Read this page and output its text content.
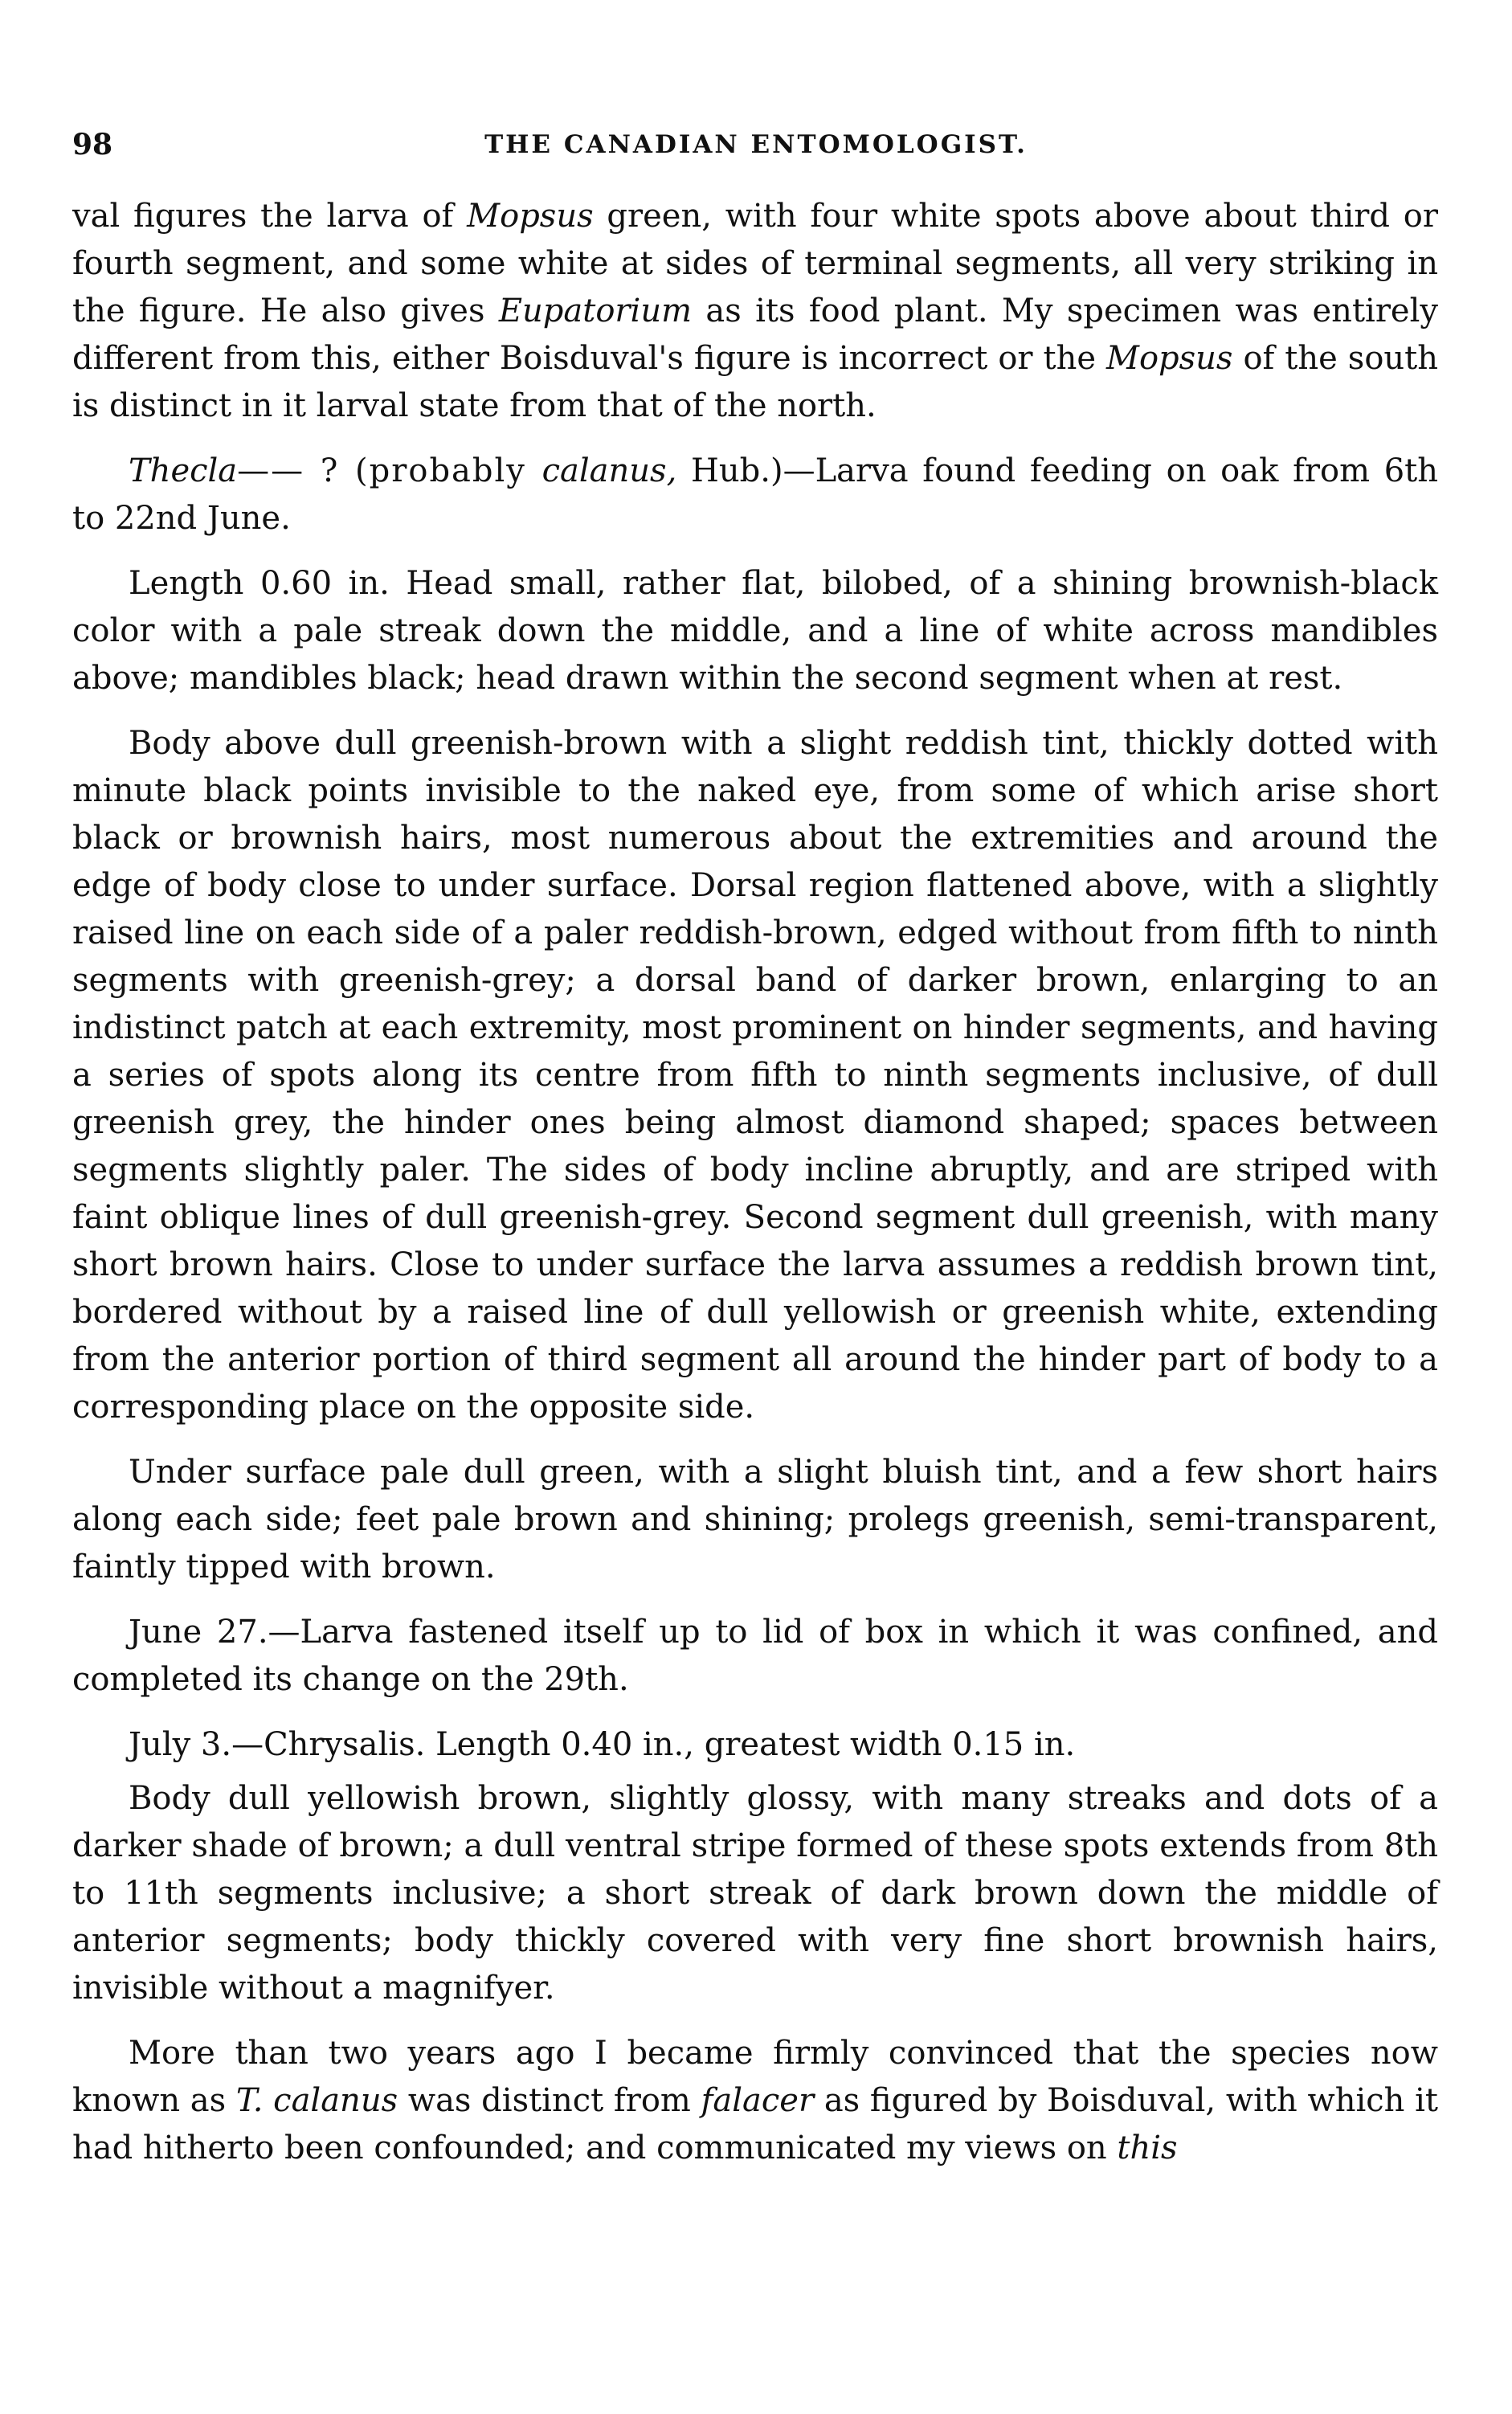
98	THE CANADIAN ENTOMOLOGIST.

val figures the larva of Mopsus green, with four white spots above about third or fourth segment, and some white at sides of terminal segments, all very striking in the figure. He also gives Eupatorium as its food plant. My specimen was entirely different from this, either Boisduval's figure is incorrect or the Mopsus of the south is distinct in it larval state from that of the north.

Thecla—— ? (probably calanus, Hub.)—Larva found feeding on oak from 6th to 22nd June.

Length 0.60 in. Head small, rather flat, bilobed, of a shining brownish-black color with a pale streak down the middle, and a line of white across mandibles above; mandibles black; head drawn within the second segment when at rest.

Body above dull greenish-brown with a slight reddish tint, thickly dotted with minute black points invisible to the naked eye, from some of which arise short black or brownish hairs, most numerous about the extremities and around the edge of body close to under surface. Dorsal region flattened above, with a slightly raised line on each side of a paler reddish-brown, edged without from fifth to ninth segments with greenish-grey; a dorsal band of darker brown, enlarging to an indistinct patch at each extremity, most prominent on hinder segments, and having a series of spots along its centre from fifth to ninth segments inclusive, of dull greenish grey, the hinder ones being almost diamond shaped; spaces between segments slightly paler. The sides of body incline abruptly, and are striped with faint oblique lines of dull greenish-grey. Second segment dull greenish, with many short brown hairs. Close to under surface the larva assumes a reddish brown tint, bordered without by a raised line of dull yellowish or greenish white, extending from the anterior portion of third segment all around the hinder part of body to a corresponding place on the opposite side.

Under surface pale dull green, with a slight bluish tint, and a few short hairs along each side; feet pale brown and shining; prolegs greenish, semi-transparent, faintly tipped with brown.

June 27.—Larva fastened itself up to lid of box in which it was confined, and completed its change on the 29th.

July 3.—Chrysalis. Length 0.40 in., greatest width 0.15 in.

Body dull yellowish brown, slightly glossy, with many streaks and dots of a darker shade of brown; a dull ventral stripe formed of these spots extends from 8th to 11th segments inclusive; a short streak of dark brown down the middle of anterior segments; body thickly covered with very fine short brownish hairs, invisible without a magnifyer.

More than two years ago I became firmly convinced that the species now known as T. calanus was distinct from falacer as figured by Boisduval, with which it had hitherto been confounded; and communicated my views on this
